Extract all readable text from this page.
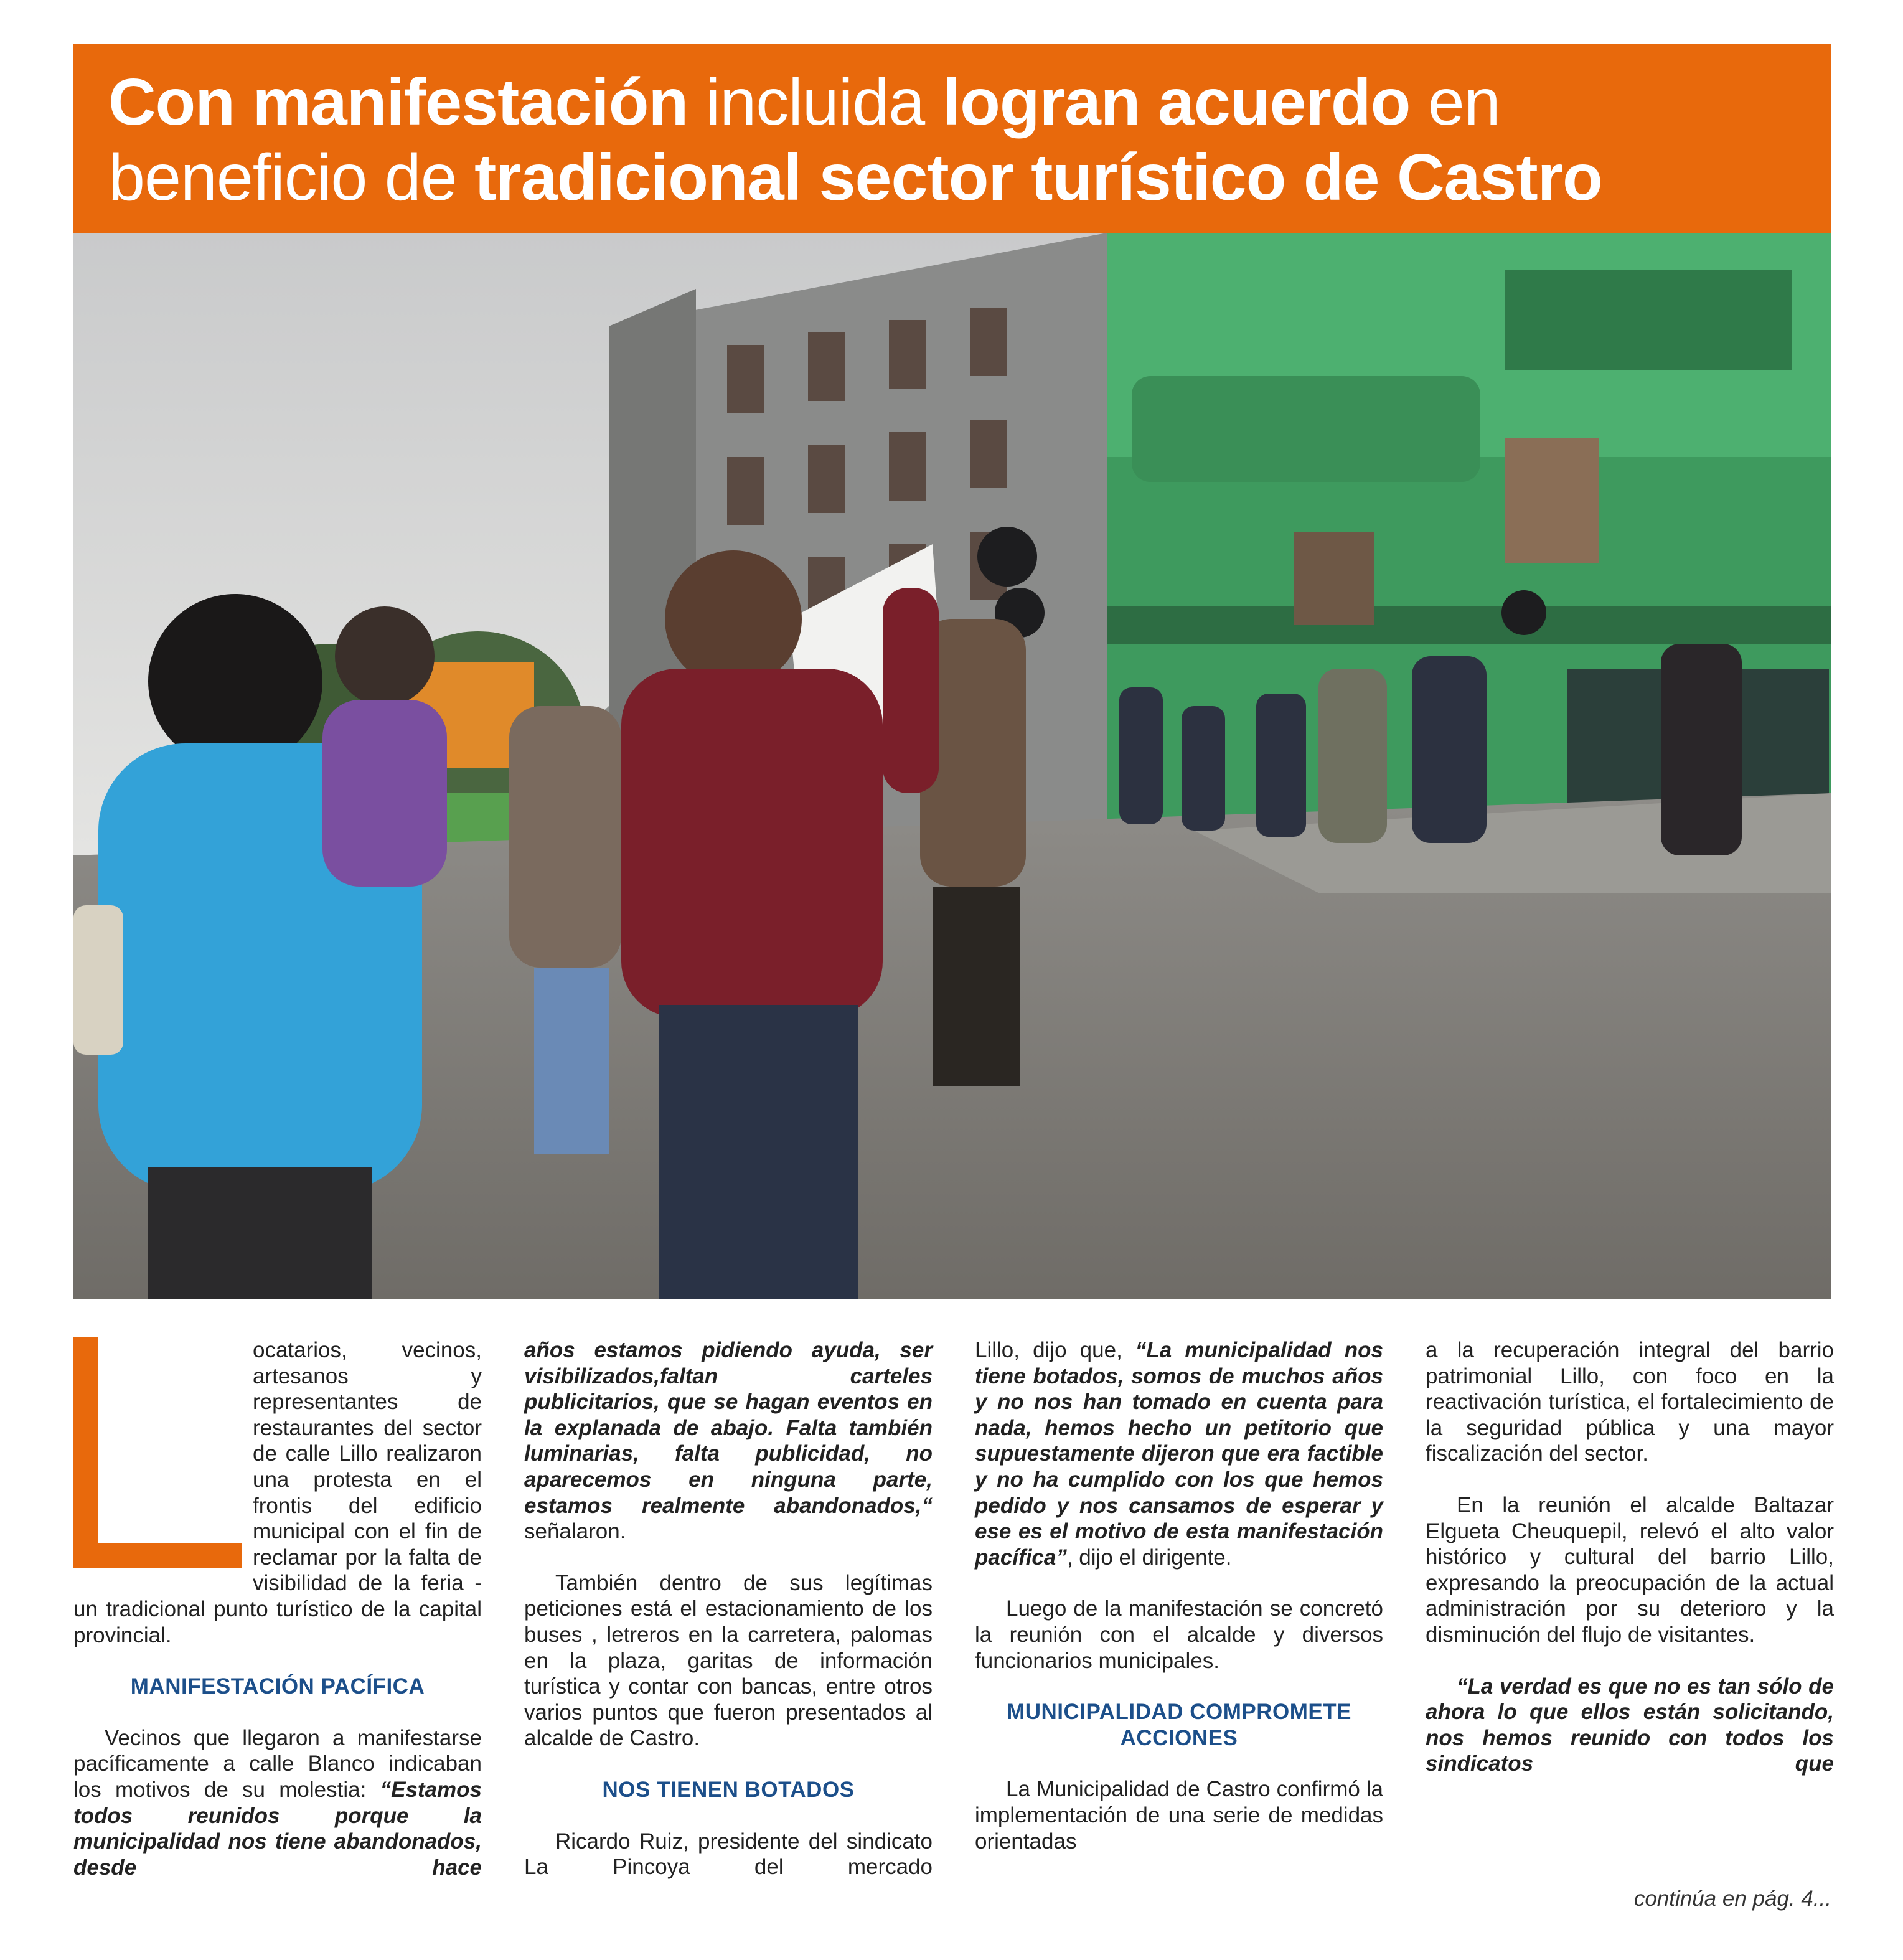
Con manifestación incluida logran acuerdo en
beneficio de tradicional sector turístico de Castro

ocatarios, vecinos, artesanos y representantes de restaurantes del sector de calle Lillo realizaron una protesta en el frontis del edificio municipal con el fin de reclamar por la falta de visibilidad de la feria - un tradicional punto turístico de la capital provincial.

MANIFESTACIÓN PACÍFICA

Vecinos que llegaron a manifestarse pacíficamente a calle Blanco indicaban los motivos de su molestia: “Estamos todos reunidos porque la municipalidad nos tiene abandonados, desde hace

años estamos pidiendo ayuda, ser visibilizados,faltan carteles publicitarios, que se hagan eventos en la explanada de abajo. Falta también luminarias, falta publicidad, no aparecemos en ninguna parte, estamos realmente abandonados,“ señalaron.

También dentro de sus legítimas peticiones está el estacionamiento de los buses , letreros en la carretera, palomas en la plaza, garitas de información turística y contar con bancas, entre otros varios puntos que fueron presentados al alcalde de Castro.

NOS TIENEN BOTADOS

Ricardo Ruiz, presidente del sindicato La Pincoya del mercado

Lillo, dijo que, “La municipalidad nos tiene botados, somos de muchos años y no nos han tomado en cuenta para nada, hemos hecho un petitorio que supuestamente dijeron que era factible y no ha cumplido con los que hemos pedido y nos cansamos de esperar y ese es el motivo de esta manifestación pacífica”, dijo el dirigente.

Luego de la manifestación se concretó la reunión con el alcalde y diversos funcionarios municipales.

MUNICIPALIDAD COMPROMETE ACCIONES

La Municipalidad de Castro confirmó la implementación de una serie de medidas orientadas

a la recuperación integral del barrio patrimonial Lillo, con foco en la reactivación turística, el fortalecimiento de la seguridad pública y una mayor fiscalización del sector.

En la reunión el alcalde Baltazar Elgueta Cheuquepil, relevó el alto valor histórico y cultural del barrio Lillo, expresando la preocupación de la actual administración por su deterioro y la disminución del flujo de visitantes.

“La verdad es que no es tan sólo de ahora lo que ellos están solicitando, nos hemos reunido con todos los sindicatos que

continúa en pág. 4...
